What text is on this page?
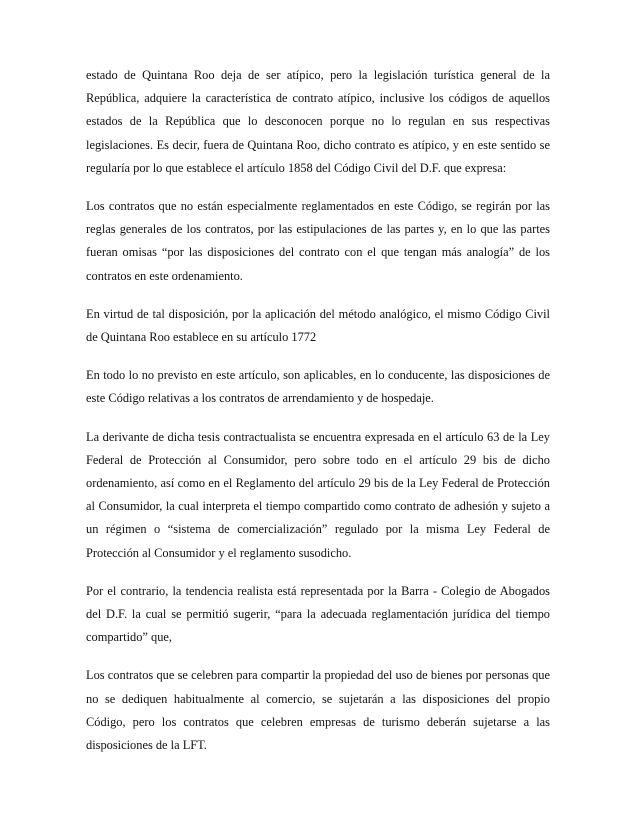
estado de Quintana Roo deja de ser atípico, pero la legislación turística general de la República, adquiere la característica de contrato atípico, inclusive los códigos de aquellos estados de la República que lo desconocen porque no lo regulan en sus respectivas legislaciones. Es decir, fuera de Quintana Roo, dicho contrato es atípico, y en este sentido se regularía por lo que establece el artículo 1858 del Código Civil del D.F. que expresa:

Los contratos que no están especialmente reglamentados en este Código, se regirán por las reglas generales de los contratos, por las estipulaciones de las partes y, en lo que las partes fueran omisas “por las disposiciones del contrato con el que tengan más analogía” de los contratos en este ordenamiento.

En virtud de tal disposición, por la aplicación del método analógico, el mismo Código Civil de Quintana Roo establece en su artículo 1772

En todo lo no previsto en este artículo, son aplicables, en lo conducente, las disposiciones de este Código relativas a los contratos de arrendamiento y de hospedaje.

La derivante de dicha tesis contractualista se encuentra expresada en el artículo 63 de la Ley Federal de Protección al Consumidor, pero sobre todo en el artículo 29 bis de dicho ordenamiento, así como en el Reglamento del artículo 29 bis de la Ley Federal de Protección al Consumidor, la cual interpreta el tiempo compartido como contrato de adhesión y sujeto a un régimen o “sistema de comercialización” regulado por la misma Ley Federal de Protección al Consumidor y el reglamento susodicho.

Por el contrario, la tendencia realista está representada por la Barra - Colegio de Abogados del D.F. la cual se permitió sugerir, “para la adecuada reglamentación jurídica del tiempo compartido” que,

Los contratos que se celebren para compartir la propiedad del uso de bienes por personas que no se dediquen habitualmente al comercio, se sujetarán a las disposiciones del propio Código, pero los contratos que celebren empresas de turismo deberán sujetarse a las disposiciones de la LFT.
